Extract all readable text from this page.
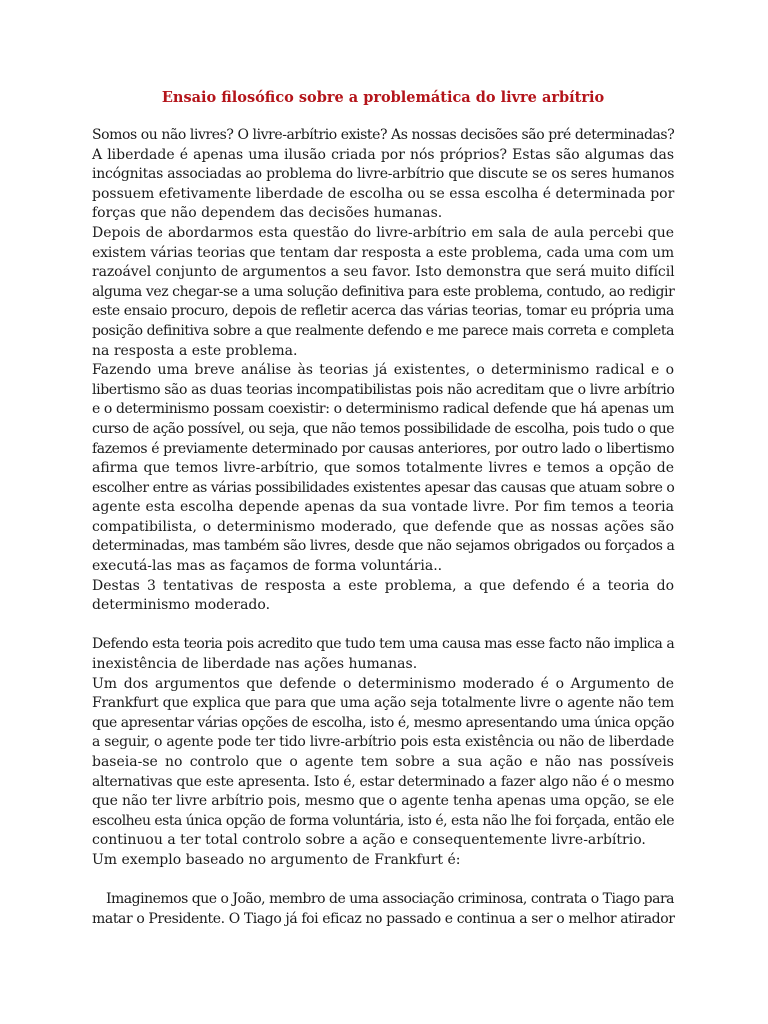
Ensaio filosófico sobre a problemática do livre arbítrio
Somos ou não livres? O livre-arbítrio existe? As nossas decisões são pré determinadas?
A liberdade é apenas uma ilusão criada por nós próprios? Estas são algumas das
incógnitas associadas ao problema do livre-arbítrio que discute se os seres humanos
possuem efetivamente liberdade de escolha ou se essa escolha é determinada por
forças que não dependem das decisões humanas.
Depois de abordarmos esta questão do livre-arbítrio em sala de aula percebi que
existem várias teorias que tentam dar resposta a este problema, cada uma com um
razoável conjunto de argumentos a seu favor. Isto demonstra que será muito difícil
alguma vez chegar-se a uma solução definitiva para este problema, contudo, ao redigir
este ensaio procuro, depois de refletir acerca das várias teorias, tomar eu própria uma
posição definitiva sobre a que realmente defendo e me parece mais correta e completa
na resposta a este problema.
Fazendo uma breve análise às teorias já existentes, o determinismo radical e o
libertismo são as duas teorias incompatibilistas pois não acreditam que o livre arbítrio
e o determinismo possam coexistir: o determinismo radical defende que há apenas um
curso de ação possível, ou seja, que não temos possibilidade de escolha, pois tudo o que
fazemos é previamente determinado por causas anteriores, por outro lado o libertismo
afirma que temos livre-arbítrio, que somos totalmente livres e temos a opção de
escolher entre as várias possibilidades existentes apesar das causas que atuam sobre o
agente esta escolha depende apenas da sua vontade livre. Por fim temos a teoria
compatibilista, o determinismo moderado, que defende que as nossas ações são
determinadas, mas também são livres, desde que não sejamos obrigados ou forçados a
executá-las mas as façamos de forma voluntária..
Destas 3 tentativas de resposta a este problema, a que defendo é a teoria do
determinismo moderado.
Defendo esta teoria pois acredito que tudo tem uma causa mas esse facto não implica a
inexistência de liberdade nas ações humanas.
Um dos argumentos que defende o determinismo moderado é o Argumento de
Frankfurt que explica que para que uma ação seja totalmente livre o agente não tem
que apresentar várias opções de escolha, isto é, mesmo apresentando uma única opção
a seguir, o agente pode ter tido livre-arbítrio pois esta existência ou não de liberdade
baseia-se no controlo que o agente tem sobre a sua ação e não nas possíveis
alternativas que este apresenta. Isto é, estar determinado a fazer algo não é o mesmo
que não ter livre arbítrio pois, mesmo que o agente tenha apenas uma opção, se ele
escolheu esta única opção de forma voluntária, isto é, esta não lhe foi forçada, então ele
continuou a ter total controlo sobre a ação e consequentemente livre-arbítrio.
Um exemplo baseado no argumento de Frankfurt é:
Imaginemos que o João, membro de uma associação criminosa, contrata o Tiago para
matar o Presidente. O Tiago já foi eficaz no passado e continua a ser o melhor atirador
